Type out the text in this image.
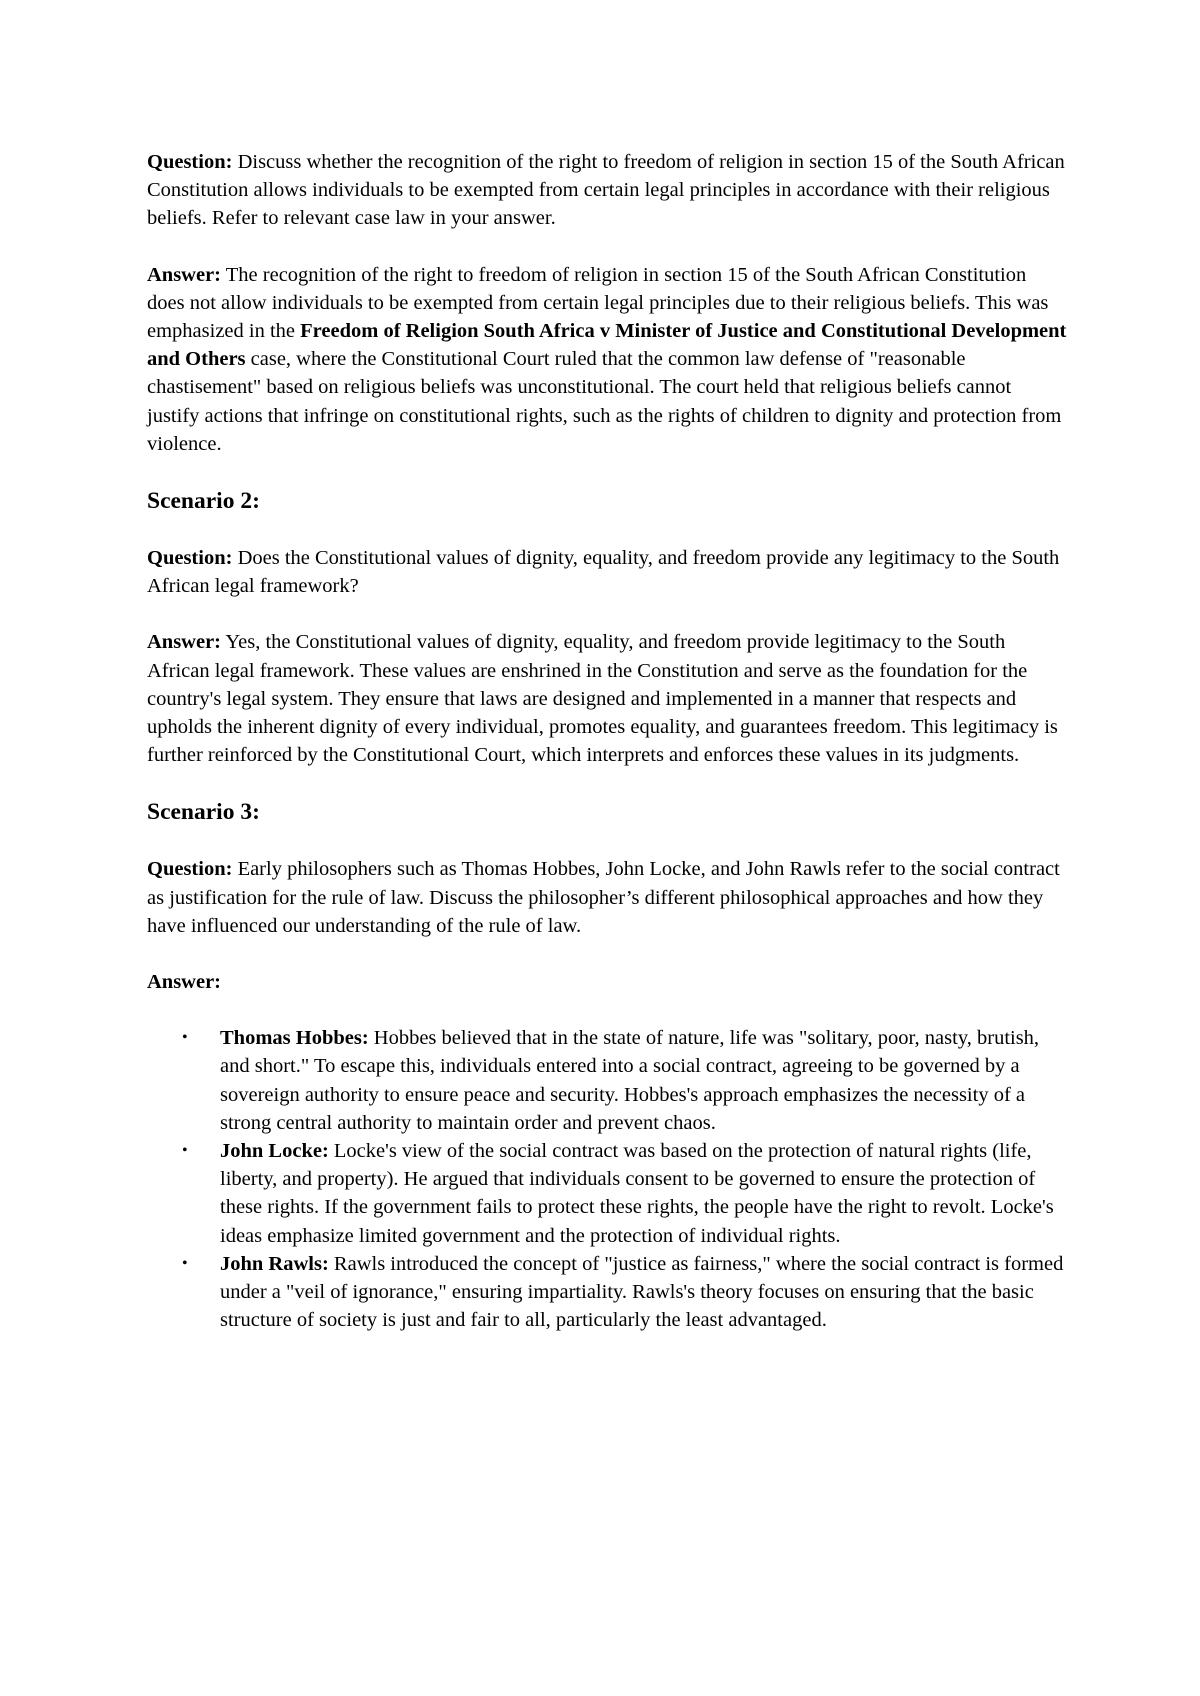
Question: Discuss whether the recognition of the right to freedom of religion in section 15 of the South African Constitution allows individuals to be exempted from certain legal principles in accordance with their religious beliefs. Refer to relevant case law in your answer.

Answer: The recognition of the right to freedom of religion in section 15 of the South African Constitution does not allow individuals to be exempted from certain legal principles due to their religious beliefs. This was emphasized in the Freedom of Religion South Africa v Minister of Justice and Constitutional Development and Others case, where the Constitutional Court ruled that the common law defense of "reasonable chastisement" based on religious beliefs was unconstitutional. The court held that religious beliefs cannot justify actions that infringe on constitutional rights, such as the rights of children to dignity and protection from violence.

Scenario 2:

Question: Does the Constitutional values of dignity, equality, and freedom provide any legitimacy to the South African legal framework?

Answer: Yes, the Constitutional values of dignity, equality, and freedom provide legitimacy to the South African legal framework. These values are enshrined in the Constitution and serve as the foundation for the country's legal system. They ensure that laws are designed and implemented in a manner that respects and upholds the inherent dignity of every individual, promotes equality, and guarantees freedom. This legitimacy is further reinforced by the Constitutional Court, which interprets and enforces these values in its judgments.

Scenario 3:

Question: Early philosophers such as Thomas Hobbes, John Locke, and John Rawls refer to the social contract as justification for the rule of law. Discuss the philosopher’s different philosophical approaches and how they have influenced our understanding of the rule of law.

Answer:

• Thomas Hobbes: Hobbes believed that in the state of nature, life was "solitary, poor, nasty, brutish, and short." To escape this, individuals entered into a social contract, agreeing to be governed by a sovereign authority to ensure peace and security. Hobbes's approach emphasizes the necessity of a strong central authority to maintain order and prevent chaos.
• John Locke: Locke's view of the social contract was based on the protection of natural rights (life, liberty, and property). He argued that individuals consent to be governed to ensure the protection of these rights. If the government fails to protect these rights, the people have the right to revolt. Locke's ideas emphasize limited government and the protection of individual rights.
• John Rawls: Rawls introduced the concept of "justice as fairness," where the social contract is formed under a "veil of ignorance," ensuring impartiality. Rawls's theory focuses on ensuring that the basic structure of society is just and fair to all, particularly the least advantaged.
